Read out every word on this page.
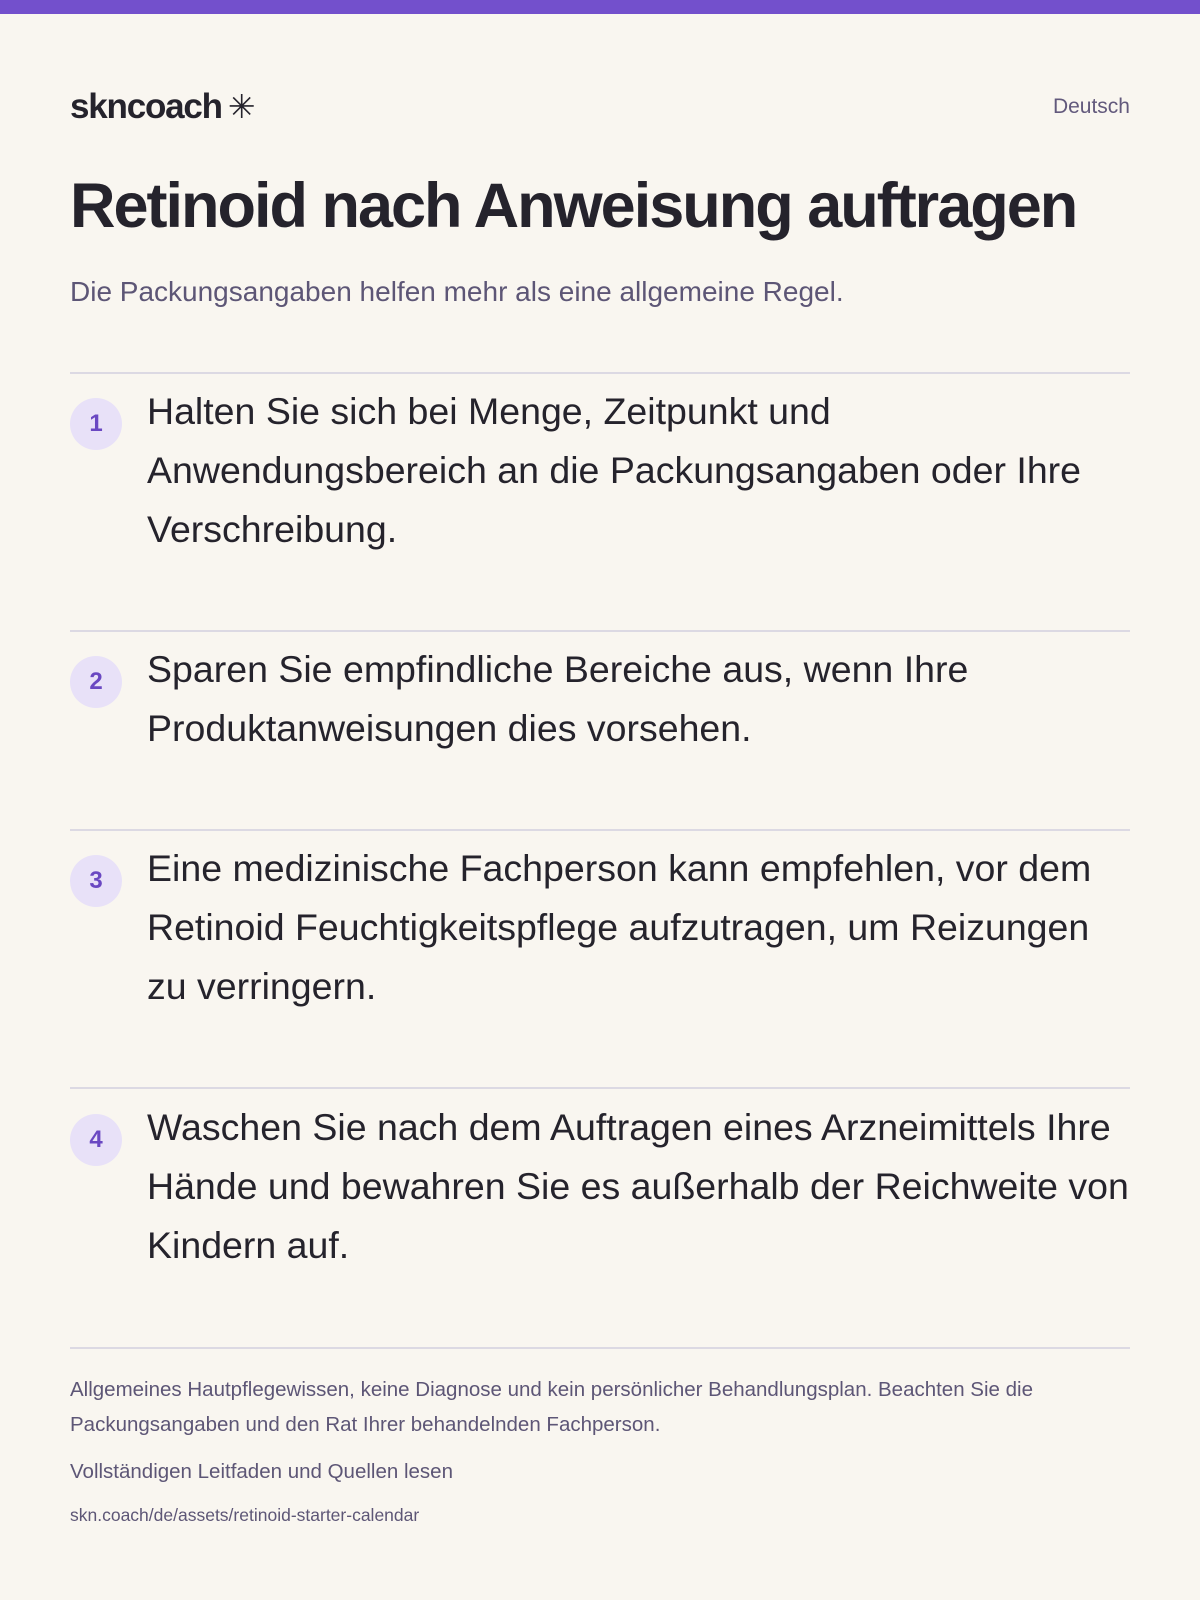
skncoach ✳	Deutsch
Retinoid nach Anweisung auftragen
Die Packungsangaben helfen mehr als eine allgemeine Regel.
1	Halten Sie sich bei Menge, Zeitpunkt und Anwendungsbereich an die Packungsangaben oder Ihre Verschreibung.
2	Sparen Sie empfindliche Bereiche aus, wenn Ihre Produktanweisungen dies vorsehen.
3	Eine medizinische Fachperson kann empfehlen, vor dem Retinoid Feuchtigkeitspflege aufzutragen, um Reizungen zu verringern.
4	Waschen Sie nach dem Auftragen eines Arzneimittels Ihre Hände und bewahren Sie es außerhalb der Reichweite von Kindern auf.
Allgemeines Hautpflegewissen, keine Diagnose und kein persönlicher Behandlungsplan. Beachten Sie die Packungsangaben und den Rat Ihrer behandelnden Fachperson.
Vollständigen Leitfaden und Quellen lesen
skn.coach/de/assets/retinoid-starter-calendar
